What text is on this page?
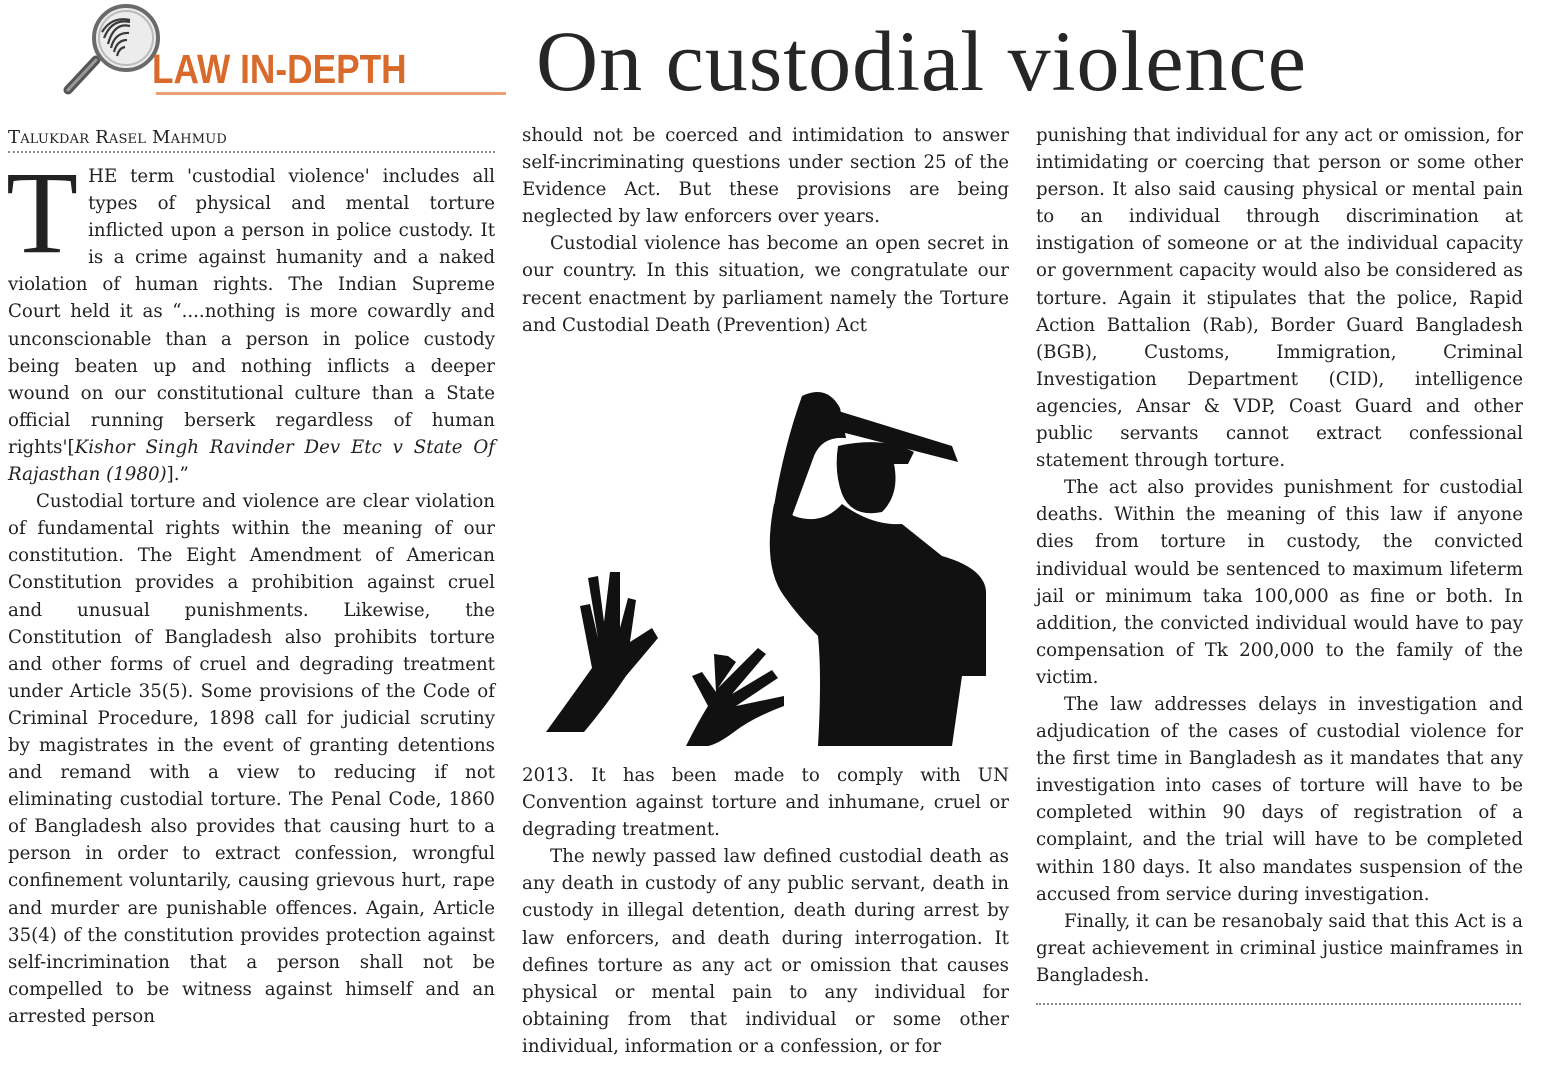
LAW IN-DEPTH On custodial violence
Talukdar Rasel Mahmud

THE term 'custodial violence' includes all types of physical and mental torture inflicted upon a person in police custody. It is a crime against humanity and a naked violation of human rights. The Indian Supreme Court held it as “....nothing is more cowardly and unconscionable than a person in police custody being beaten up and nothing inflicts a deeper wound on our constitutional culture than a State official running berserk regardless of human rights'[Kishor Singh Ravinder Dev Etc v State Of Rajasthan (1980)].”

Custodial torture and violence are clear violation of fundamental rights within the meaning of our constitution. The Eight Amendment of American Constitution provides a prohibition against cruel and unusual punishments. Likewise, the Constitution of Bangladesh also prohibits torture and other forms of cruel and degrading treatment under Article 35(5). Some provisions of the Code of Criminal Procedure, 1898 call for judicial scrutiny by magistrates in the event of granting detentions and remand with a view to reducing if not eliminating custodial torture. The Penal Code, 1860 of Bangladesh also provides that causing hurt to a person in order to extract confession, wrongful confinement voluntarily, causing grievous hurt, rape and murder are punishable offences. Again, Article 35(4) of the constitution provides protection against self-incrimination that a person shall not be compelled to be witness against himself and an arrested person

should not be coerced and intimidation to answer self-incriminating questions under section 25 of the Evidence Act. But these provisions are being neglected by law enforcers over years.

Custodial violence has become an open secret in our country. In this situation, we congratulate our recent enactment by parliament namely the Torture and Custodial Death (Prevention) Act

2013. It has been made to comply with UN Convention against torture and inhumane, cruel or degrading treatment.

The newly passed law defined custodial death as any death in custody of any public servant, death in custody in illegal detention, death during arrest by law enforcers, and death during interrogation. It defines torture as any act or omission that causes physical or mental pain to any individual for obtaining from that individual or some other individual, information or a confession, or for

punishing that individual for any act or omission, for intimidating or coercing that person or some other person. It also said causing physical or mental pain to an individual through discrimination at instigation of someone or at the individual capacity or government capacity would also be considered as torture. Again it stipulates that the police, Rapid Action Battalion (Rab), Border Guard Bangladesh (BGB), Customs, Immigration, Criminal Investigation Department (CID), intelligence agencies, Ansar & VDP, Coast Guard and other public servants cannot extract confessional statement through torture.

The act also provides punishment for custodial deaths. Within the meaning of this law if anyone dies from torture in custody, the convicted individual would be sentenced to maximum lifeterm jail or minimum taka 100,000 as fine or both. In addition, the convicted individual would have to pay compensation of Tk 200,000 to the family of the victim.

The law addresses delays in investigation and adjudication of the cases of custodial violence for the first time in Bangladesh as it mandates that any investigation into cases of torture will have to be completed within 90 days of registration of a complaint, and the trial will have to be completed within 180 days. It also mandates suspension of the accused from service during investigation.

Finally, it can be resanobaly said that this Act is a great achievement in criminal justice mainframes in Bangladesh.
